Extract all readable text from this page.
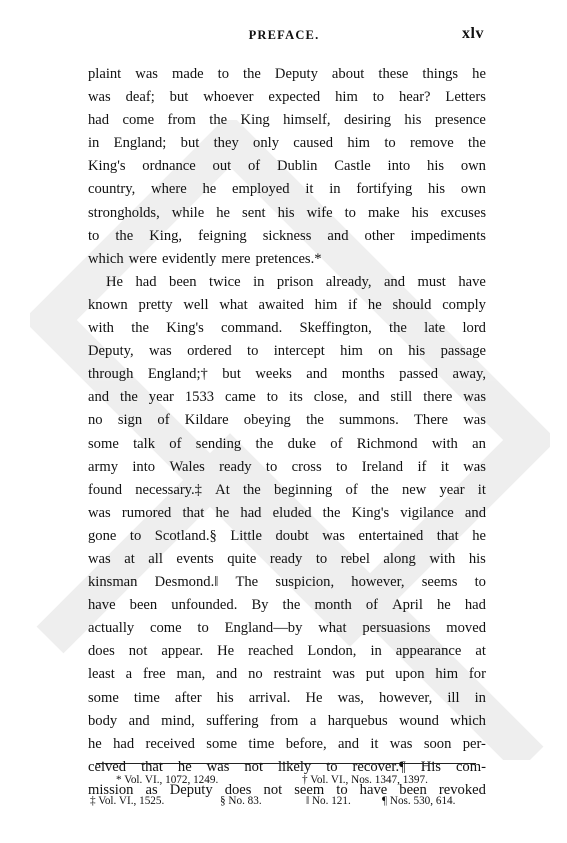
PREFACE.	xlv
plaint was made to the Deputy about these things he
was deaf; but whoever expected him to hear? Letters
had come from the King himself, desiring his presence
in England; but they only caused him to remove the
King's ordnance out of Dublin Castle into his own
country, where he employed it in fortifying his own
strongholds, while he sent his wife to make his excuses
to the King, feigning sickness and other impediments
which were evidently mere pretences.*
He had been twice in prison already, and must have
known pretty well what awaited him if he should comply
with the King's command. Skeffington, the late lord
Deputy, was ordered to intercept him on his passage
through England;† but weeks and months passed away,
and the year 1533 came to its close, and still there was
no sign of Kildare obeying the summons. There was
some talk of sending the duke of Richmond with an
army into Wales ready to cross to Ireland if it was
found necessary.‡ At the beginning of the new year it
was rumored that he had eluded the King's vigilance and
gone to Scotland.§ Little doubt was entertained that he
was at all events quite ready to rebel along with his
kinsman Desmond.‖ The suspicion, however, seems to
have been unfounded. By the month of April he had
actually come to England—by what persuasions moved
does not appear. He reached London, in appearance at
least a free man, and no restraint was put upon him for
some time after his arrival. He was, however, ill in
body and mind, suffering from a harquebus wound which
he had received some time before, and it was soon per-
ceived that he was not likely to recover.¶ His com-
mission as Deputy does not seem to have been revoked
* Vol. VI., 1072, 1249.	† Vol. VI., Nos. 1347, 1397.
‡ Vol. VI., 1525.	§ No. 83.	‖ No. 121.	¶ Nos. 530, 614.
